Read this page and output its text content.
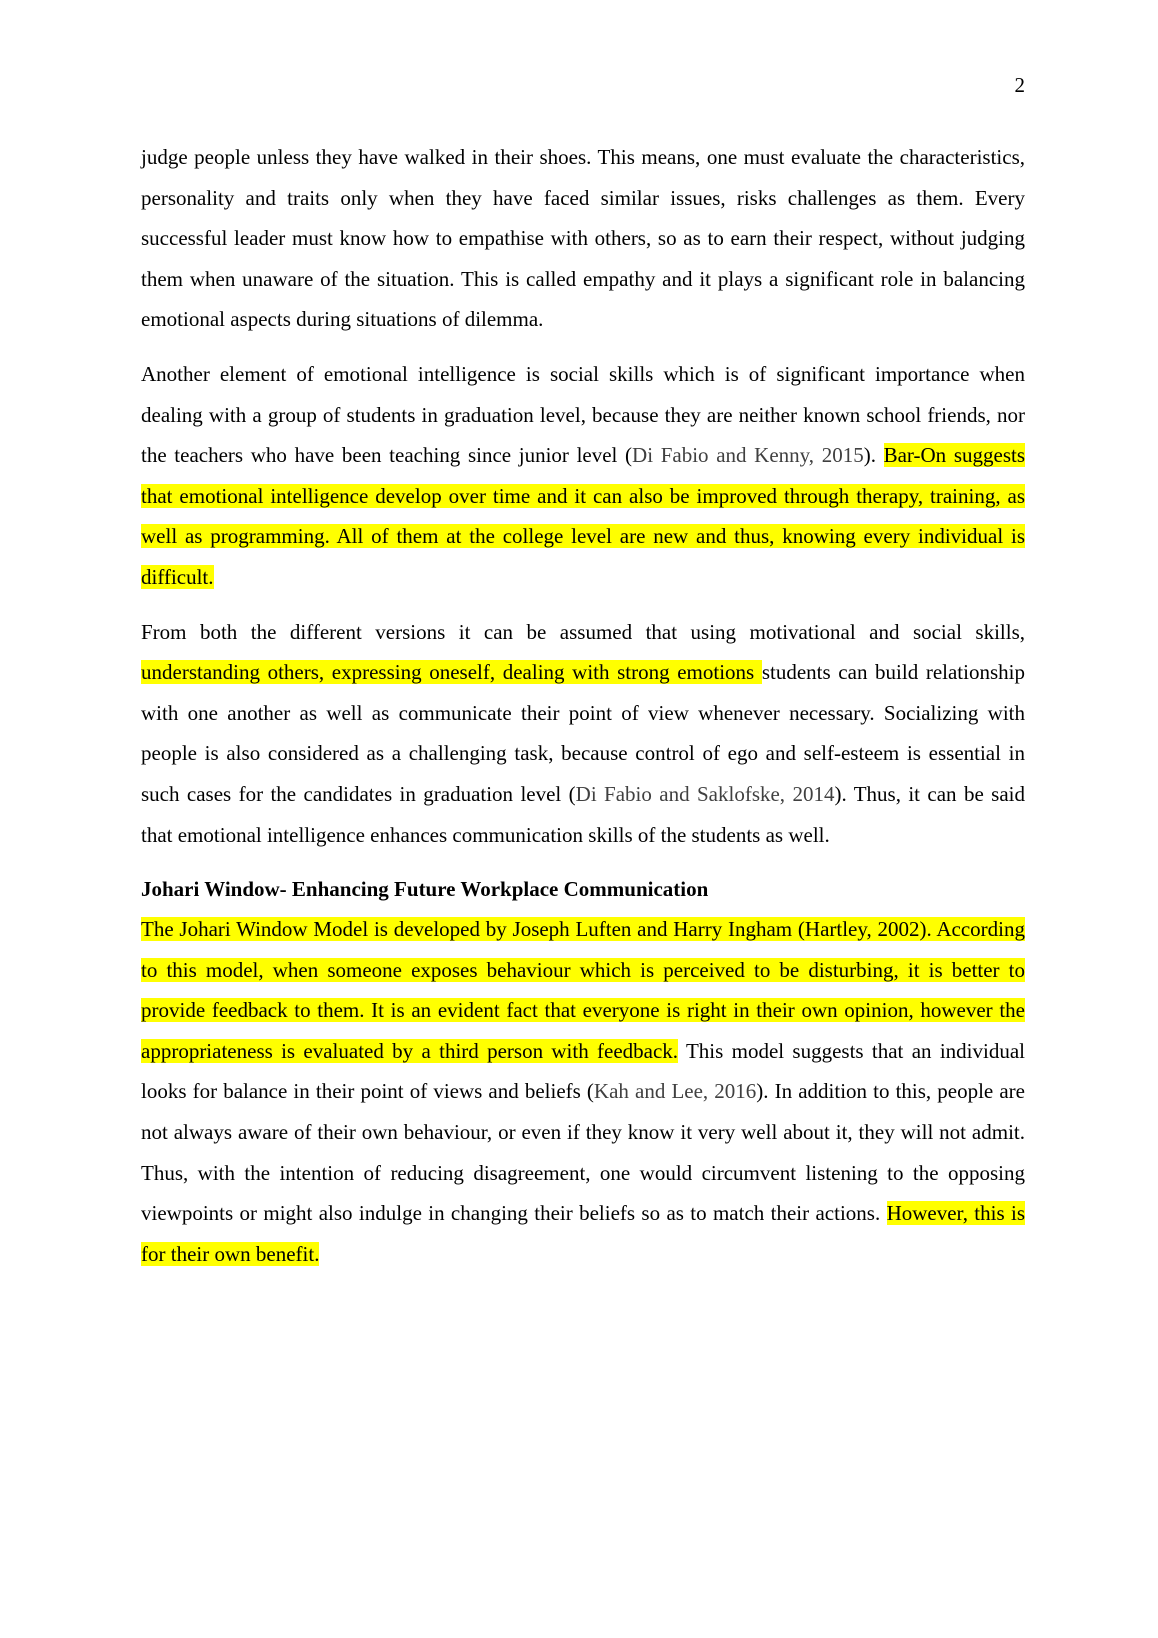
2

judge people unless they have walked in their shoes. This means, one must evaluate the characteristics, personality and traits only when they have faced similar issues, risks challenges as them. Every successful leader must know how to empathise with others, so as to earn their respect, without judging them when unaware of the situation. This is called empathy and it plays a significant role in balancing emotional aspects during situations of dilemma.

Another element of emotional intelligence is social skills which is of significant importance when dealing with a group of students in graduation level, because they are neither known school friends, nor the teachers who have been teaching since junior level (Di Fabio and Kenny, 2015). Bar-On suggests that emotional intelligence develop over time and it can also be improved through therapy, training, as well as programming. All of them at the college level are new and thus, knowing every individual is difficult.

From both the different versions it can be assumed that using motivational and social skills, understanding others, expressing oneself, dealing with strong emotions students can build relationship with one another as well as communicate their point of view whenever necessary. Socializing with people is also considered as a challenging task, because control of ego and self-esteem is essential in such cases for the candidates in graduation level (Di Fabio and Saklofske, 2014). Thus, it can be said that emotional intelligence enhances communication skills of the students as well.

Johari Window- Enhancing Future Workplace Communication

The Johari Window Model is developed by Joseph Luften and Harry Ingham (Hartley, 2002). According to this model, when someone exposes behaviour which is perceived to be disturbing, it is better to provide feedback to them. It is an evident fact that everyone is right in their own opinion, however the appropriateness is evaluated by a third person with feedback. This model suggests that an individual looks for balance in their point of views and beliefs (Kah and Lee, 2016). In addition to this, people are not always aware of their own behaviour, or even if they know it very well about it, they will not admit. Thus, with the intention of reducing disagreement, one would circumvent listening to the opposing viewpoints or might also indulge in changing their beliefs so as to match their actions. However, this is for their own benefit.
